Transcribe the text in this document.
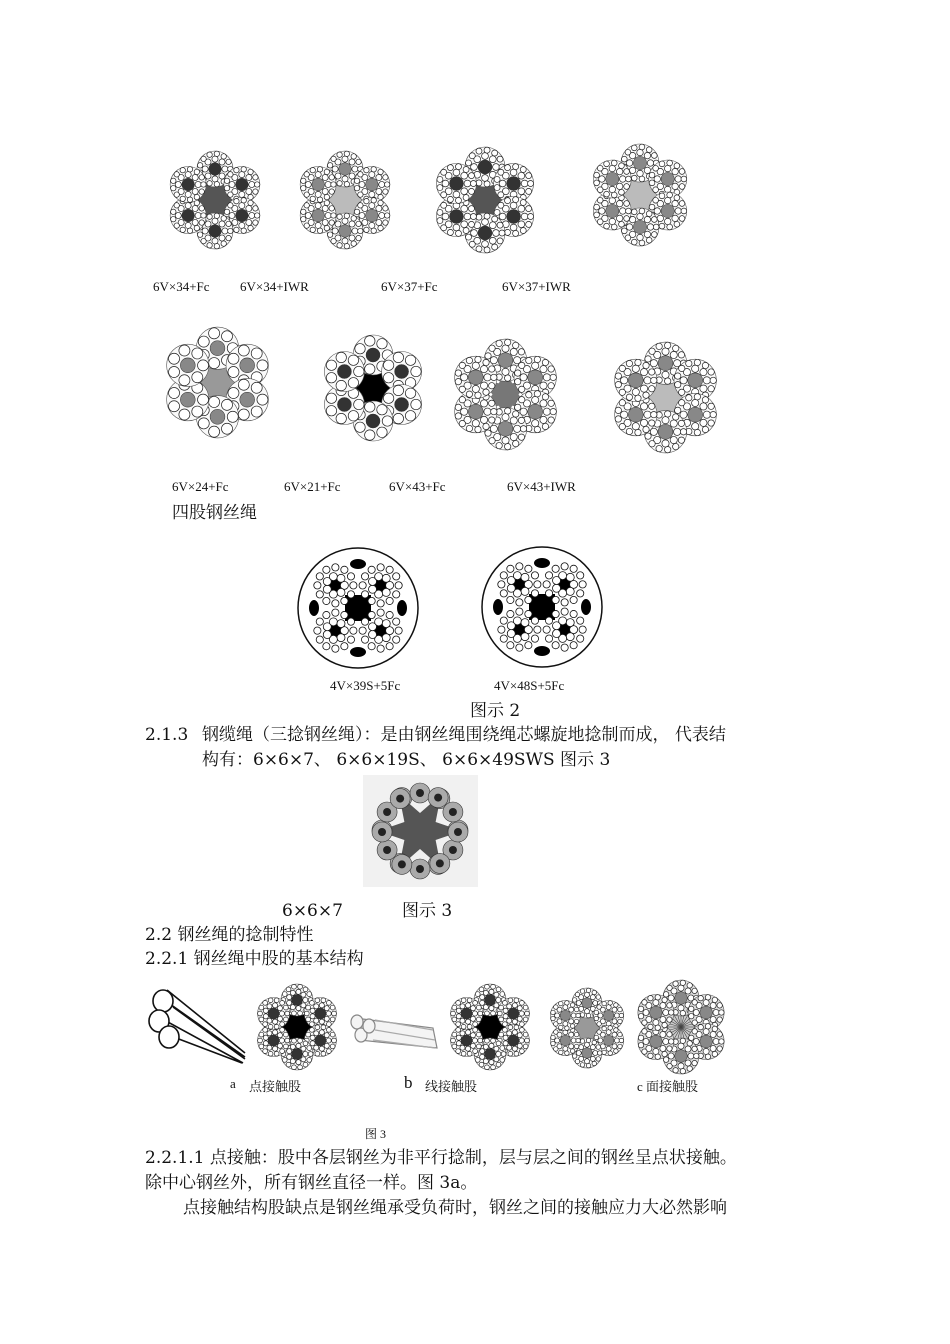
6V×34+Fc 6V×34+IWR	6V×37+Fc	6V×37+IWR
6V×24+Fc	6V×21+Fc	6V×43+Fc	6V×43+IWR
四股钢丝绳
4V×39S+5Fc	4V×48S+5Fc
图示 2
2.1.3 钢缆绳（三捻钢丝绳）：是由钢丝绳围绕绳芯螺旋地捻制而成， 代表结
构有：6×6×7、 6×6×19S、 6×6×49SWS 图示 3
6×6×7	图示 3
2.2 钢丝绳的捻制特性
2.2.1 钢丝绳中股的基本结构
a 点接触股	b 线接触股	c 面接触股
图 3
2.2.1.1 点接触：股中各层钢丝为非平行捻制，层与层之间的钢丝呈点状接触。
除中心钢丝外，所有钢丝直径一样。图 3a。
点接触结构股缺点是钢丝绳承受负荷时，钢丝之间的接触应力大必然影响
